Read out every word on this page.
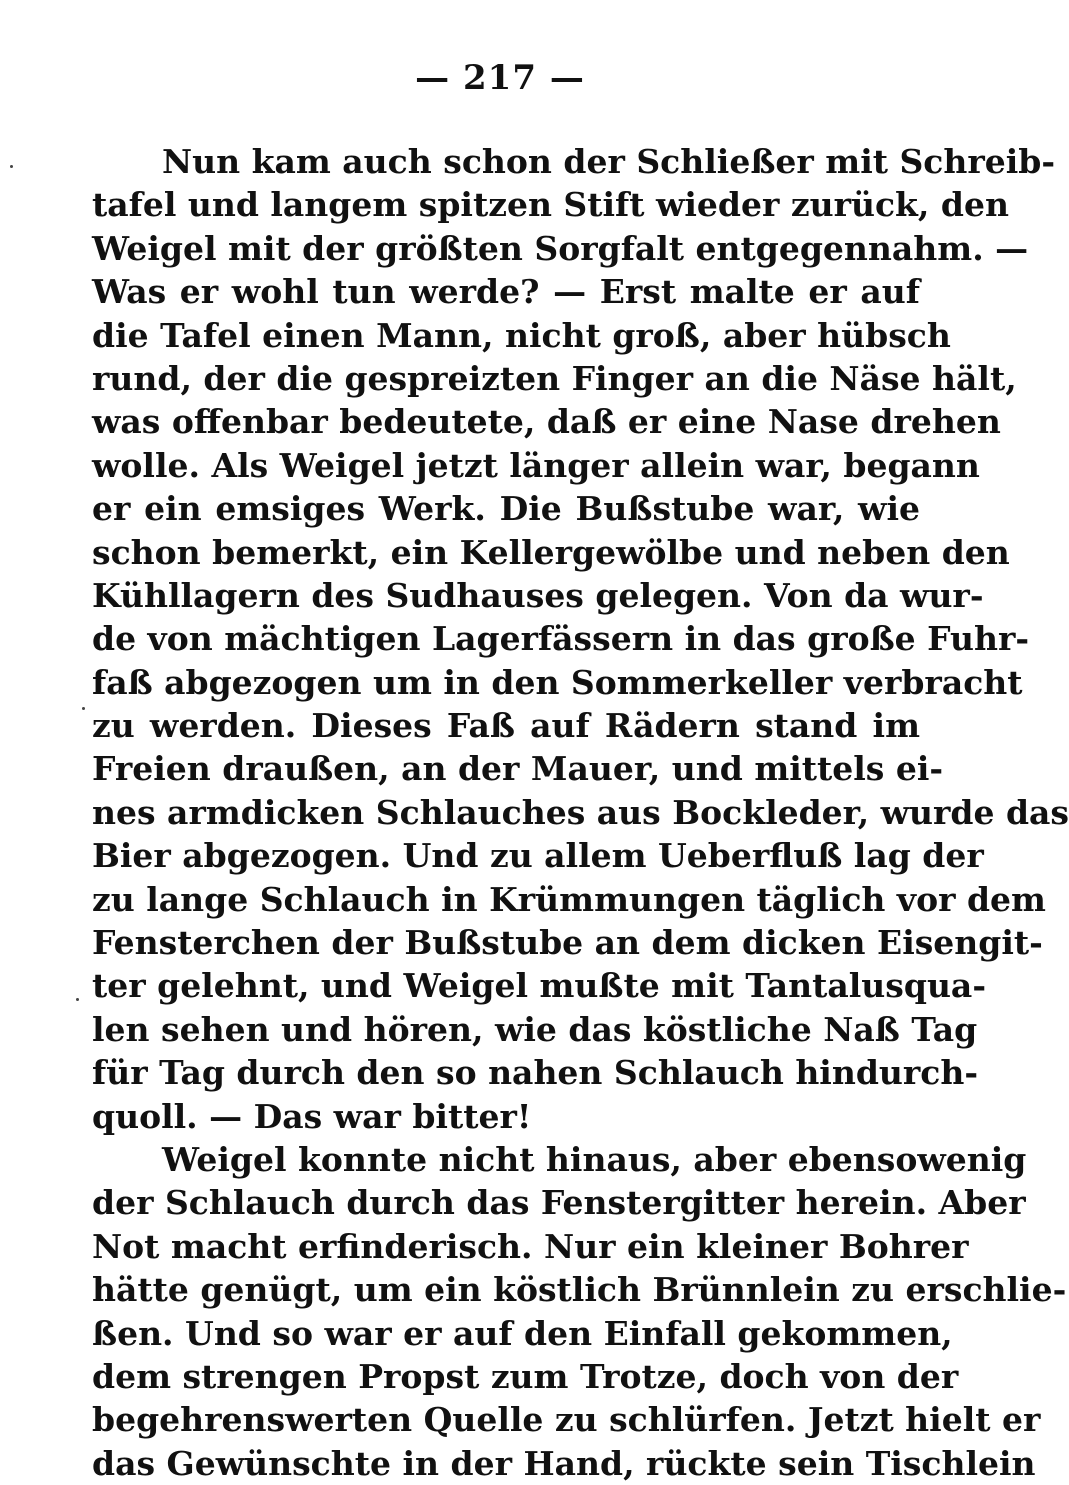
— 217 —
Nun kam auch schon der Schließer mit Schreib-
tafel und langem spitzen Stift wieder zurück, den
Weigel mit der größten Sorgfalt entgegennahm. —
Was er wohl tun werde? — Erst malte er auf
die Tafel einen Mann, nicht groß, aber hübsch
rund, der die gespreizten Finger an die Näse hält,
was offenbar bedeutete, daß er eine Nase drehen
wolle. Als Weigel jetzt länger allein war, begann
er ein emsiges Werk. Die Bußstube war, wie
schon bemerkt, ein Kellergewölbe und neben den
Kühllagern des Sudhauses gelegen. Von da wur-
de von mächtigen Lagerfässern in das große Fuhr-
faß abgezogen um in den Sommerkeller verbracht
zu werden. Dieses Faß auf Rädern stand im
Freien draußen, an der Mauer, und mittels ei-
nes armdicken Schlauches aus Bockleder, wurde das
Bier abgezogen. Und zu allem Ueberfluß lag der
zu lange Schlauch in Krümmungen täglich vor dem
Fensterchen der Bußstube an dem dicken Eisengit-
ter gelehnt, und Weigel mußte mit Tantalusqua-
len sehen und hören, wie das köstliche Naß Tag
für Tag durch den so nahen Schlauch hindurch-
quoll. — Das war bitter!
Weigel konnte nicht hinaus, aber ebensowenig
der Schlauch durch das Fenstergitter herein. Aber
Not macht erfinderisch. Nur ein kleiner Bohrer
hätte genügt, um ein köstlich Brünnlein zu erschlie-
ßen. Und so war er auf den Einfall gekommen,
dem strengen Propst zum Trotze, doch von der
begehrenswerten Quelle zu schlürfen. Jetzt hielt er
das Gewünschte in der Hand, rückte sein Tischlein
